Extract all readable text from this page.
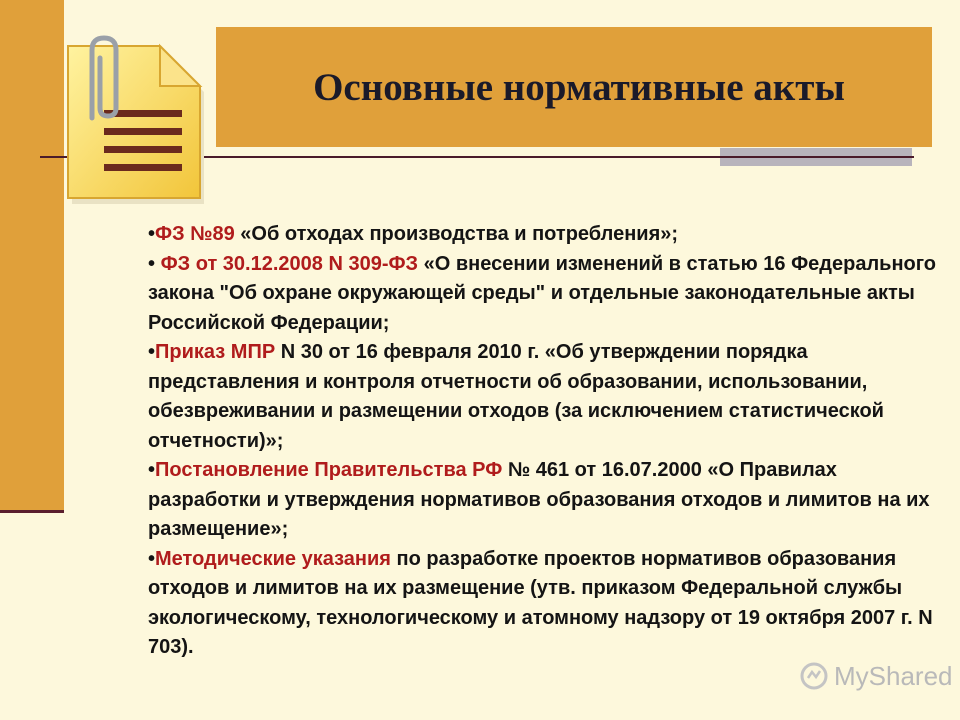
Основные нормативные акты

•ФЗ №89 «Об отходах производства и потребления»;

• ФЗ от 30.12.2008 N 309-ФЗ «О внесении изменений в статью 16 Федерального закона "Об охране окружающей среды" и отдельные законодательные акты Российской Федерации;

•Приказ МПР N 30 от 16 февраля 2010 г. «Об утверждении порядка представления и контроля отчетности об образовании, использовании, обезвреживании и размещении отходов (за исключением статистической отчетности)»;

•Постановление Правительства РФ № 461 от 16.07.2000 «О Правилах разработки и утверждения нормативов образования отходов и лимитов на их размещение»;

•Методические указания по разработке проектов нормативов образования отходов и лимитов на их размещение (утв. приказом Федеральной службы экологическому, технологическому и атомному надзору от 19 октября 2007 г. N 703).

MyShared
